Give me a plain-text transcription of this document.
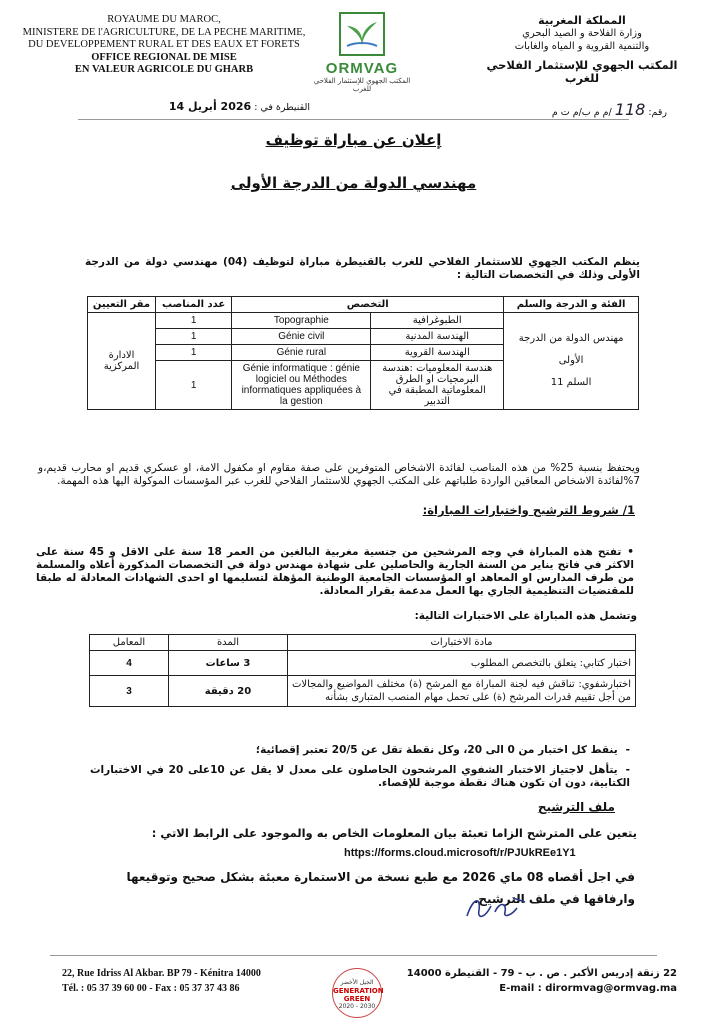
ROYAUME DU MAROC,
MINISTERE DE l'AGRICULTURE, DE LA PECHE MARITIME,
DU DEVELOPPEMENT RURAL ET DES EAUX ET FORETS
OFFICE REGIONAL DE MISE
EN VALEUR AGRICOLE DU GHARB	ORMVAG
المكتب الجهوي للإستثمار الفلاحي للغرب
المملكة المغربية
وزارة الفلاحة و الصيد البحري
والتنمية القروية و المياه والغابات
المكتب الجهوي للإستثمار الفلاحي للغرب
القنيطرة في : 2026 أبريل 14	رقم: 118 /م م ب/م ت م
إعلان عن مباراة توظيف
مهندسي الدولة من الدرجة الأولى
ينظم المكتب الجهوي للاستثمار الفلاحي للغرب بالقنيطرة مباراة لتوظيف (04) مهندسي دولة من الدرجة الأولى وذلك في التخصصات التالية :
الفئة و الدرجة والسلم	التخصص		عدد المناصب	مقر التعيين

مهندس الدولة من الدرجة الأولى
السلم 11	الطبوغرافية	Topographie	1	الادارة المركزية
	الهندسة المدنية	Génie civil	1	
	الهندسة القروية	Génie rural	1	
	هندسة المعلوميات :هندسة البرمجيات او الطرق المعلوماتية المطبقة في التدبير	Génie informatique : génie logiciel ou Méthodes informatiques appliquées à la gestion	1	
ويحتفظ بنسبة 25% من هذه المناصب لفائدة الاشخاص المتوفرين على صفة مقاوم او مكفول الامة، او عسكري قديم او محارب قديم،و 7%لفائدة الاشخاص المعاقين الواردة طلباتهم على المكتب الجهوي للاستثمار الفلاحي للغرب عبر المؤسسات الموكولة اليها هذه المهمة.
1/ شروط الترشيح واختبارات المباراة:
• تفتح هذه المباراة في وجه المرشحين من جنسية مغربية البالغين من العمر 18 سنة على الاقل و 45 سنة على الاكثر في فاتح يناير من السنة الجارية والحاصلين على شهادة مهندس دولة في التخصصات المذكورة أعلاه والمسلمة من طرف المدارس او المعاهد او المؤسسات الجامعية الوطنية المؤهلة لتسليمها او احدى الشهادات المعادلة له طبقا للمقتضيات التنظيمية الجاري بها العمل مدعمة بقرار المعادلة.
وتشمل هذه المباراة على الاختبارات التالية:
مادة الاختبارات	المدة	المعامل
اختبار كتابي: يتعلق بالتخصص المطلوب	3 ساعات	4
اختبارشفوي: تناقش فيه لجنة المباراة مع المرشح (ة) مختلف المواضيع والمجالات من أجل تقييم قدرات المرشح (ة) على تحمل مهام المنصب المتبارى بشأنه	20 دقيقة	3
- ينقط كل اختبار من 0 الى 20، وكل نقطة تقل عن 20/5 تعتبر إقصائية؛
- يتأهل لاجتياز الاختبار الشفوي المرشحون الحاصلون على معدل لا يقل عن 10على 20 في الاختبارات الكتابية، دون ان تكون هناك نقطة موجبة للإقصاء.
ملف الترشيح
يتعين على المترشح الزاما تعبئة بيان المعلومات الخاص به والموجود على الرابط الاتي :
https://forms.cloud.microsoft/r/PJUkREe1Y1
في اجل أقصاه 08 ماي 2026 مع طبع نسخة من الاستمارة معبئة بشكل صحيح وتوقيعها وارفاقها في ملف الترشيح.
22, Rue Idriss Al Akbar. BP 79 - Kénitra 14000
Tél. : 05 37 39 60 00 - Fax : 05 37 37 43 86
الجيل الأخضر
GENERATION GREEN
2020 - 2030
22 زنقة إدريس الأكبر . ص . ب - 79 - القنيطرة 14000
E-mail : dirormvag@ormvag.ma
